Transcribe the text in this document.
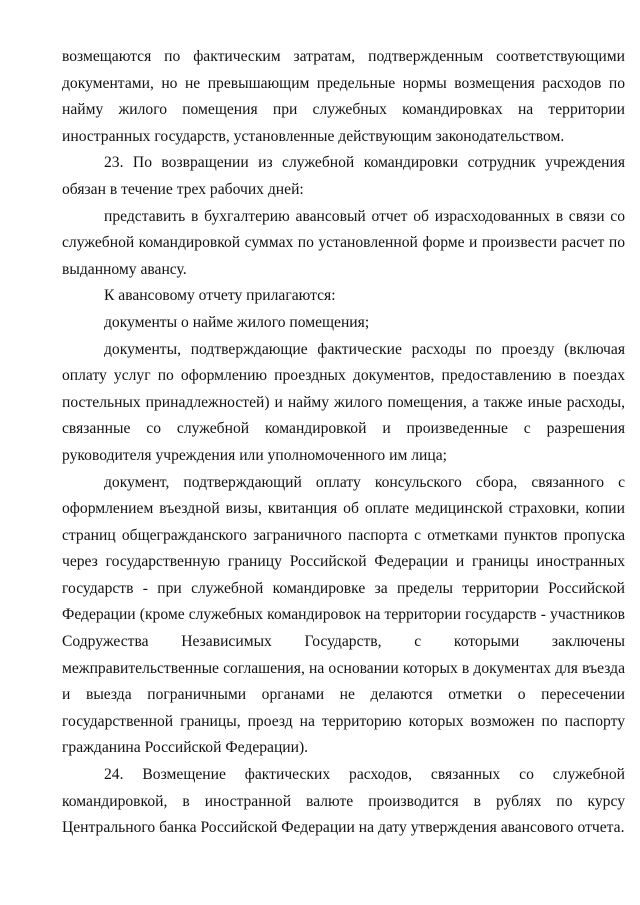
возмещаются по фактическим затратам, подтвержденным соответствующими документами, но не превышающим предельные нормы возмещения расходов по найму жилого помещения при служебных командировках на территории иностранных государств, установленные действующим законодательством.

23. По возвращении из служебной командировки сотрудник учреждения обязан в течение трех рабочих дней:

представить в бухгалтерию авансовый отчет об израсходованных в связи со служебной командировкой суммах по установленной форме и произвести расчет по выданному авансу.

К авансовому отчету прилагаются:

документы о найме жилого помещения;

документы, подтверждающие фактические расходы по проезду (включая оплату услуг по оформлению проездных документов, предоставлению в поездах постельных принадлежностей) и найму жилого помещения, а также иные расходы, связанные со служебной командировкой и произведенные с разрешения руководителя учреждения или уполномоченного им лица;

документ, подтверждающий оплату консульского сбора, связанного с оформлением въездной визы, квитанция об оплате медицинской страховки, копии страниц общегражданского заграничного паспорта с отметками пунктов пропуска через государственную границу Российской Федерации и границы иностранных государств - при служебной командировке за пределы территории Российской Федерации (кроме служебных командировок на территории государств - участников Содружества Независимых Государств, с которыми заключены межправительственные соглашения, на основании которых в документах для въезда и выезда пограничными органами не делаются отметки о пересечении государственной границы, проезд на территорию которых возможен по паспорту гражданина Российской Федерации).

24. Возмещение фактических расходов, связанных со служебной командировкой, в иностранной валюте производится в рублях по курсу Центрального банка Российской Федерации на дату утверждения авансового отчета.
